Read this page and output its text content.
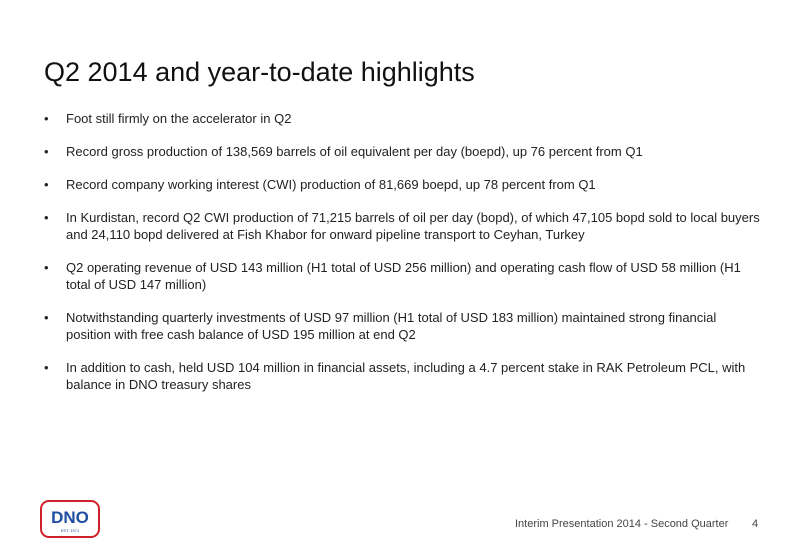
Q2 2014 and year-to-date highlights
• Foot still firmly on the accelerator in Q2
• Record gross production of 138,569 barrels of oil equivalent per day (boepd), up 76 percent from Q1
• Record company working interest (CWI) production of 81,669 boepd, up 78 percent from Q1
• In Kurdistan, record Q2 CWI production of 71,215 barrels of oil per day (bopd), of which 47,105 bopd sold to local buyers and 24,110 bopd delivered at Fish Khabor for onward pipeline transport to Ceyhan, Turkey
• Q2 operating revenue of USD 143 million (H1 total of USD 256 million) and operating cash flow of USD 58 million (H1 total of USD 147 million)
• Notwithstanding quarterly investments of USD 97 million (H1 total of USD 183 million) maintained strong financial position with free cash balance of USD 195 million at end Q2
• In addition to cash, held USD 104 million in financial assets, including a 4.7 percent stake in RAK Petroleum PCL, with balance in DNO treasury shares
DNO
EST. 1971
Interim Presentation 2014 - Second Quarter 4
